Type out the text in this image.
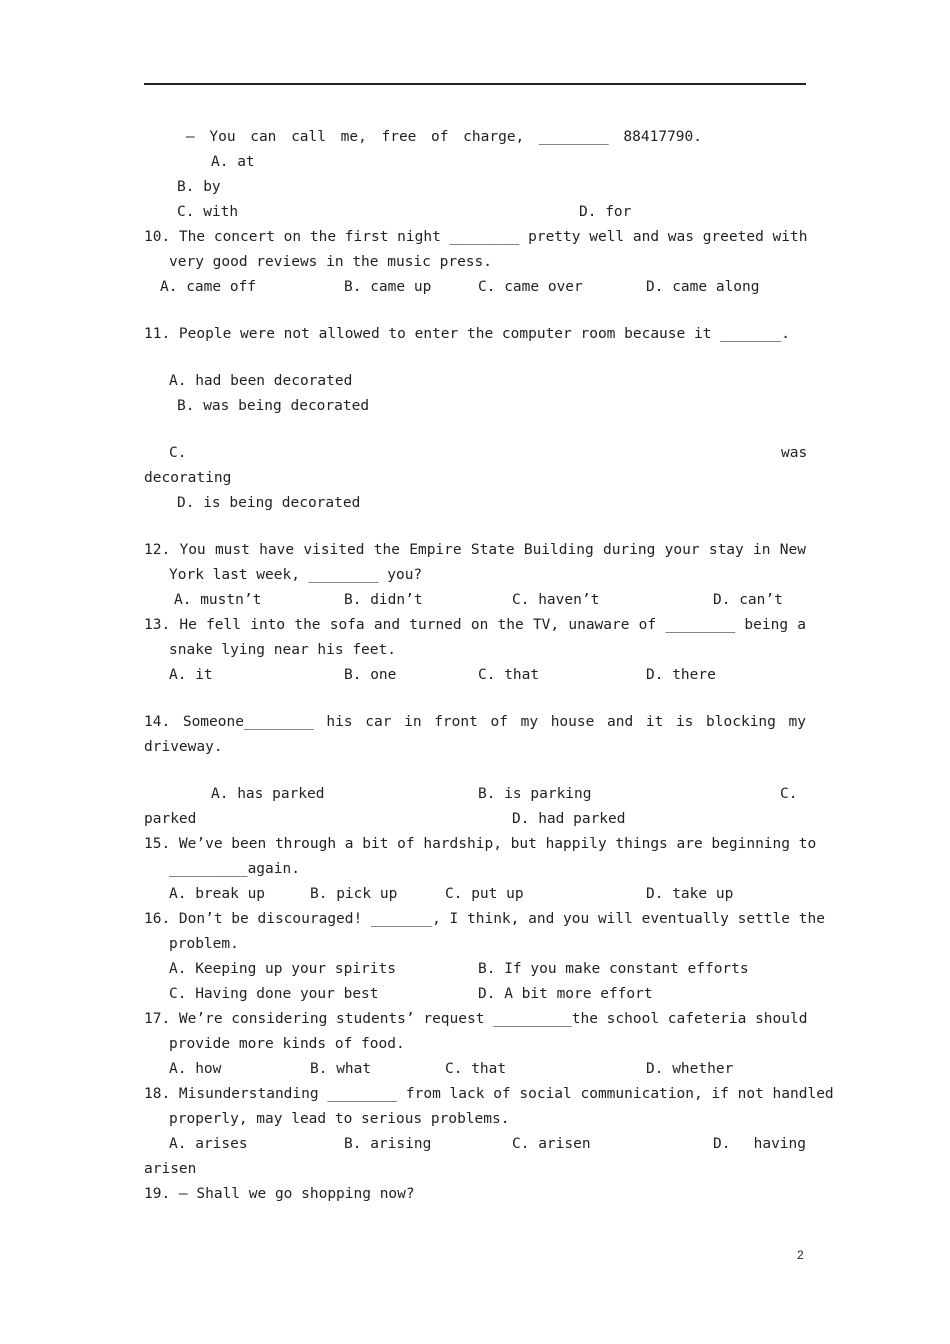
— You can call me, free of charge, ________ 88417790.
A. at
B. by
C. with	D. for
10. The concert on the first night ________ pretty well and was greeted with
very good reviews in the music press.
A. came off	B. came up	C. came over	D. came along
11. People were not allowed to enter the computer room because it _______.
A. had been decorated
B. was being decorated
C.	was
decorating
D. is being decorated
12. You must have visited the Empire State Building during your stay in New
York last week, ________ you?
A. mustn’t	B. didn’t	C. haven’t	D. can’t
13. He fell into the sofa and turned on the TV, unaware of ________ being a
snake lying near his feet.
A. it	B. one	C. that	D. there
14. Someone________ his car in front of my house and it is blocking my
driveway.
A. has parked	B. is parking	C.
parked	D. had parked
15. We’ve been through a bit of hardship, but happily things are beginning to
_________again.
A. break up	B. pick up	C. put up	D. take up
16. Don’t be discouraged! _______, I think, and you will eventually settle the
problem.
A. Keeping up your spirits	B. If you make constant efforts
C. Having done your best	D. A bit more effort
17. We’re considering students’ request _________the school cafeteria should
provide more kinds of food.
A. how	B. what	C. that	D. whether
18. Misunderstanding ________ from lack of social communication, if not handled
properly, may lead to serious problems.
A. arises	B. arising	C. arisen	D. having
arisen
19. — Shall we go shopping now?
2
